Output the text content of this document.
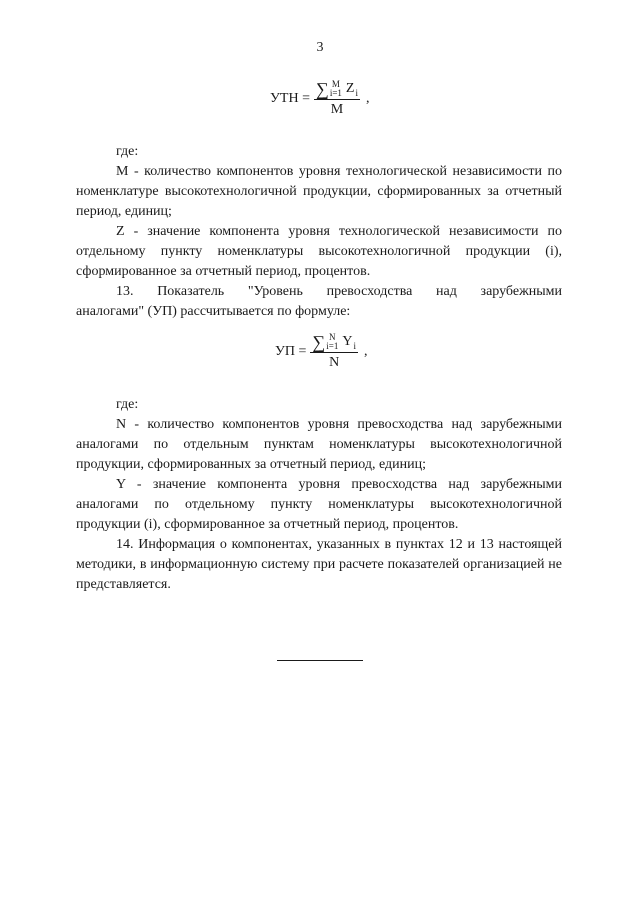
3
УТН = ∑ M
i=1 Z i
M ,

где:

M - количество компонентов уровня технологической независимости по номенклатуре высокотехнологичной продукции, сформированных за отчетный период, единиц;

Z - значение компонента уровня технологической независимости по отдельному пункту номенклатуры высокотехнологичной продукции (i), сформированное за отчетный период, процентов.

13. Показатель "Уровень превосходства над зарубежными

аналогами" (УП) рассчитывается по формуле:

УП = ∑ N
i=1 Y i
N ,

где:

N - количество компонентов уровня превосходства над зарубежными аналогами по отдельным пунктам номенклатуры высокотехнологичной продукции, сформированных за отчетный период, единиц;

Y - значение компонента уровня превосходства над зарубежными аналогами по отдельному пункту номенклатуры высокотехнологичной продукции (i), сформированное за отчетный период, процентов.

14. Информация о компонентах, указанных в пунктах 12 и 13 настоящей методики, в информационную систему при расчете показателей организацией не представляется.
